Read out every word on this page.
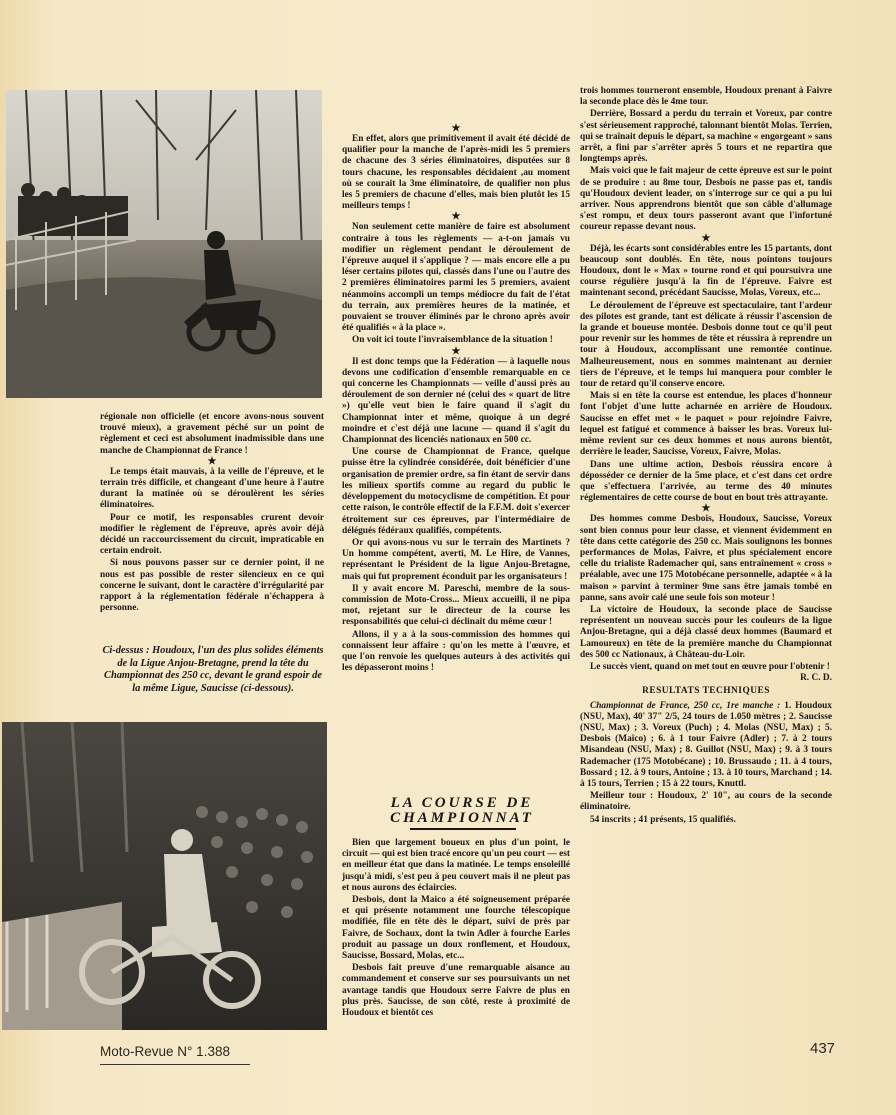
régionale non officielle (et encore avons-nous souvent trouvé mieux), a gravement péché sur un point de règlement et ceci est absolument inadmissible dans une manche de Championnat de France !

★

Le temps était mauvais, à la veille de l'épreuve, et le terrain très difficile, et changeant d'une heure à l'autre durant la matinée où se déroulèrent les séries éliminatoires.

Pour ce motif, les responsables crurent devoir modifier le règlement de l'épreuve, après avoir déjà décidé un raccourcissement du circuit, impraticable en certain endroit.

Si nous pouvons passer sur ce dernier point, il ne nous est pas possible de rester silencieux en ce qui concerne le suivant, dont le caractère d'irrégularité par rapport à la réglementation fédérale n'échappera à personne.

Ci-dessus : Houdoux, l'un des plus solides éléments de la Ligue Anjou-Bretagne, prend la tête du Championnat des 250 cc, devant le grand espoir de la même Ligue, Saucisse (ci-dessous).
★

En effet, alors que primitivement il avait été décidé de qualifier pour la manche de l'après-midi les 5 premiers de chacune des 3 séries éliminatoires, disputées sur 8 tours chacune, les responsables décidaient ,au moment où se courait la 3me éliminatoire, de qualifier non plus les 5 premiers de chacune d'elles, mais bien plutôt les 15 meilleurs temps !

★

Non seulement cette manière de faire est absolument contraire à tous les règlements — a-t-on jamais vu modifier un règlement pendant le déroulement de l'épreuve auquel il s'applique ? — mais encore elle a pu léser certains pilotes qui, classés dans l'une ou l'autre des 2 premières éliminatoires parmi les 5 premiers, avaient néanmoins accompli un temps médiocre du fait de l'état du terrain, aux premières heures de la matinée, et pouvaient se trouver éliminés par le chrono après avoir été qualifiés « à la place ».

On voit ici toute l'invraisemblance de la situation !

★

Il est donc temps que la Fédération — à laquelle nous devons une codification d'ensemble remarquable en ce qui concerne les Championnats — veille d'aussi près au déroulement de son dernier né (celui des « quart de litre ») qu'elle veut bien le faire quand il s'agit du Championnat inter et même, quoique à un degré moindre et c'est déjà une lacune — quand il s'agit du Championnat des licenciés nationaux en 500 cc.

Une course de Championnat de France, quelque puisse être la cylindrée considérée, doit bénéficier d'une organisation de premier ordre, sa fin étant de servir dans les milieux sportifs comme au regard du public le développement du motocyclisme de compétition. Et pour cette raison, le contrôle effectif de la F.F.M. doit s'exercer étroitement sur ces épreuves, par l'intermédiaire de délégués fédéraux qualifiés, compétents.

Or qui avons-nous vu sur le terrain des Martinets ? Un homme compétent, averti, M. Le Hire, de Vannes, représentant le Président de la ligue Anjou-Bretagne, mais qui fut proprement éconduit par les organisateurs !

Il y avait encore M. Pareschi, membre de la sous-commission de Moto-Cross... Mieux accueilli, il ne pipa mot, rejetant sur le directeur de la course les responsabilités que celui-ci déclinait du même cœur !

Allons, il y a à la sous-commission des hommes qui connaissent leur affaire : qu'on les mette à l'œuvre, et que l'on renvoie les quelques auteurs à des activités qui les dépasseront moins !

LA COURSE DE
CHAMPIONNAT

Bien que largement boueux en plus d'un point, le circuit — qui est bien tracé encore qu'un peu court — est en meilleur état que dans la matinée. Le temps ensoleillé jusqu'à midi, s'est peu à peu couvert mais il ne pleut pas et nous aurons des éclaircies.

Desbois, dont la Maico a été soigneusement préparée et qui présente notamment une fourche télescopique modifiée, file en tête dès le départ, suivi de près par Faivre, de Sochaux, dont la twin Adler à fourche Earles produit au passage un doux ronflement, et Houdoux, Saucisse, Bossard, Molas, etc...

Desbois fait preuve d'une remarquable aisance au commandement et conserve sur ses poursuivants un net avantage tandis que Houdoux serre Faivre de plus en plus près. Saucisse, de son côté, reste à proximité de Houdoux et bientôt ces

trois hommes tourneront ensemble, Houdoux prenant à Faivre la seconde place dès le 4me tour.

Derrière, Bossard a perdu du terrain et Voreux, par contre s'est sérieusement rapproché, talonnant bientôt Molas. Terrien, qui se traînait depuis le départ, sa machine « engorgeant » sans arrêt, a fini par s'arrêter après 5 tours et ne repartira que longtemps après.

Mais voici que le fait majeur de cette épreuve est sur le point de se produire : au 8me tour, Desbois ne passe pas et, tandis qu'Houdoux devient leader, on s'interroge sur ce qui a pu lui arriver. Nous apprendrons bientôt que son câble d'allumage s'est rompu, et deux tours passeront avant que l'infortuné coureur repasse devant nous.

★

Déjà, les écarts sont considérables entre les 15 partants, dont beaucoup sont doublés. En tête, nous pointons toujours Houdoux, dont le « Max » tourne rond et qui poursuivra une course régulière jusqu'à la fin de l'épreuve. Faivre est maintenant second, précédant Saucisse, Molas, Voreux, etc...

Le déroulement de l'épreuve est spectaculaire, tant l'ardeur des pilotes est grande, tant est délicate à réussir l'ascension de la grande et boueuse montée. Desbois donne tout ce qu'il peut pour revenir sur les hommes de tête et réussira à reprendre un tour à Houdoux, accomplissant une remontée continue. Malheureusement, nous en sommes maintenant au dernier tiers de l'épreuve, et le temps lui manquera pour combler le tour de retard qu'il conserve encore.

Mais si en tête la course est entendue, les places d'honneur font l'objet d'une lutte acharnée en arrière de Houdoux. Saucisse en effet met « le paquet » pour rejoindre Faivre, lequel est fatigué et commence à baisser les bras. Voreux lui-même revient sur ces deux hommes et nous aurons bientôt, derrière le leader, Saucisse, Voreux, Faivre, Molas.

Dans une ultime action, Desbois réussira encore à déposséder ce dernier de la 5me place, et c'est dans cet ordre que s'effectuera l'arrivée, au terme des 40 minutes réglementaires de cette course de bout en bout très attrayante.

★

Des hommes comme Desbois, Houdoux, Saucisse, Voreux sont bien connus pour leur classe, et viennent évidemment en tête dans cette catégorie des 250 cc. Mais soulignons les bonnes performances de Molas, Faivre, et plus spécialement encore celle du trialiste Rademacher qui, sans entraînement « cross » préalable, avec une 175 Motobécane personnelle, adaptée « à la maison » parvint à terminer 9me sans être jamais tombé en panne, sans avoir calé une seule fois son moteur !

La victoire de Houdoux, la seconde place de Saucisse représentent un nouveau succès pour les couleurs de la ligue Anjou-Bretagne, qui a déjà classé deux hommes (Baumard et Lamoureux) en tête de la première manche du Championnat des 500 cc Nationaux, à Château-du-Loir.

Le succès vient, quand on met tout en œuvre pour l'obtenir !

R. C. D.
RESULTATS TECHNIQUES

Championnat de France, 250 cc, 1re manche : 1. Houdoux (NSU, Max), 40' 37" 2/5, 24 tours de 1.050 mètres ; 2. Saucisse (NSU, Max) ; 3. Voreux (Puch) ; 4. Molas (NSU, Max) ; 5. Desbois (Maïco) ; 6. à 1 tour Faivre (Adler) ; 7. à 2 tours Misandeau (NSU, Max) ; 8. Guillot (NSU, Max) ; 9. à 3 tours Rademacher (175 Motobécane) ; 10. Brussaudo ; 11. à 4 tours, Bossard ; 12. à 9 tours, Antoine ; 13. à 10 tours, Marchand ; 14. à 15 tours, Terrien ; 15 à 22 tours, Knuttl.

Meilleur tour : Houdoux, 2' 10", au cours de la seconde éliminatoire.

54 inscrits ; 41 présents, 15 qualifiés.

Moto-Revue N° 1.388	437
